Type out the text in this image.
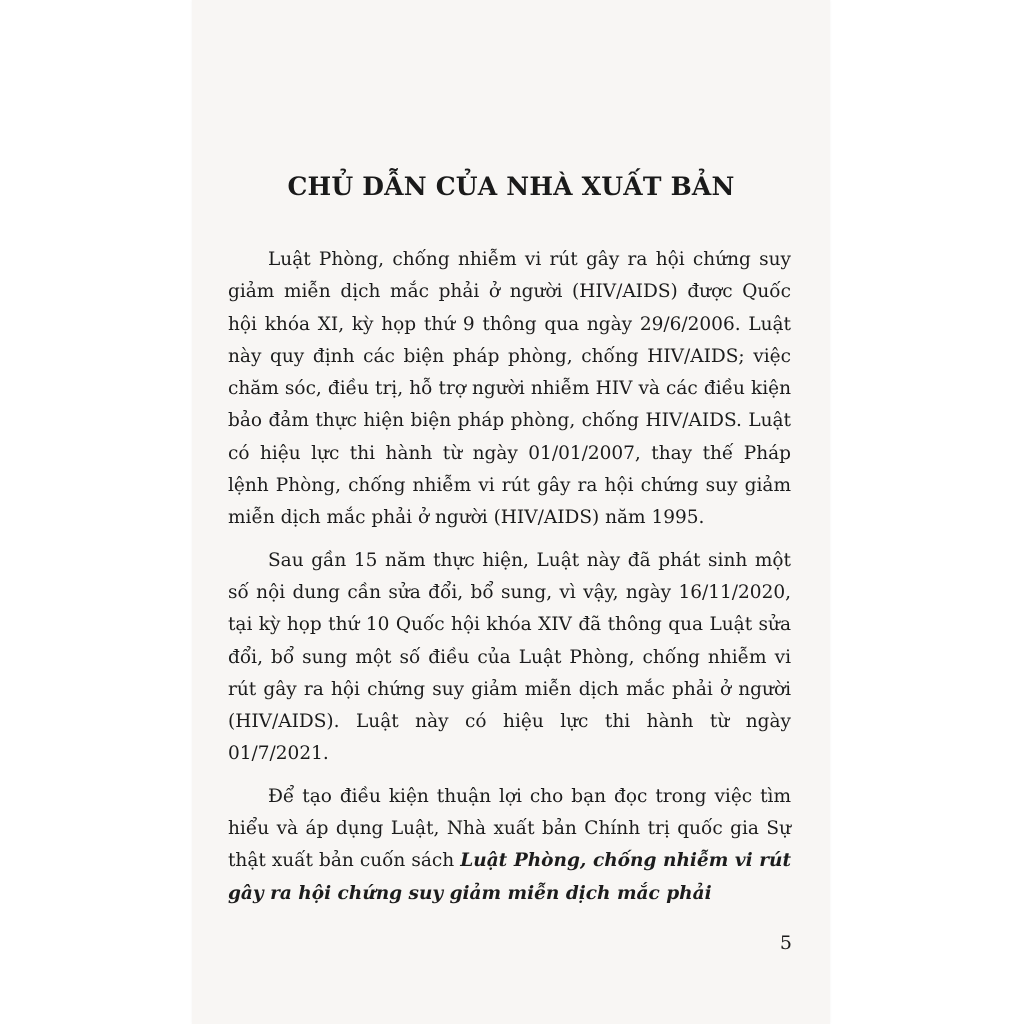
CHỦ DẪN CỦA NHÀ XUẤT BẢN

Luật Phòng, chống nhiễm vi rút gây ra hội chứng suy giảm miễn dịch mắc phải ở người (HIV/AIDS) được Quốc hội khóa XI, kỳ họp thứ 9 thông qua ngày 29/6/2006. Luật này quy định các biện pháp phòng, chống HIV/AIDS; việc chăm sóc, điều trị, hỗ trợ người nhiễm HIV và các điều kiện bảo đảm thực hiện biện pháp phòng, chống HIV/AIDS. Luật có hiệu lực thi hành từ ngày 01/01/2007, thay thế Pháp lệnh Phòng, chống nhiễm vi rút gây ra hội chứng suy giảm miễn dịch mắc phải ở người (HIV/AIDS) năm 1995.

Sau gần 15 năm thực hiện, Luật này đã phát sinh một số nội dung cần sửa đổi, bổ sung, vì vậy, ngày 16/11/2020, tại kỳ họp thứ 10 Quốc hội khóa XIV đã thông qua Luật sửa đổi, bổ sung một số điều của Luật Phòng, chống nhiễm vi rút gây ra hội chứng suy giảm miễn dịch mắc phải ở người (HIV/AIDS). Luật này có hiệu lực thi hành từ ngày 01/7/2021.

Để tạo điều kiện thuận lợi cho bạn đọc trong việc tìm hiểu và áp dụng Luật, Nhà xuất bản Chính trị quốc gia Sự thật xuất bản cuốn sách Luật Phòng, chống nhiễm vi rút gây ra hội chứng suy giảm miễn dịch mắc phải

5
